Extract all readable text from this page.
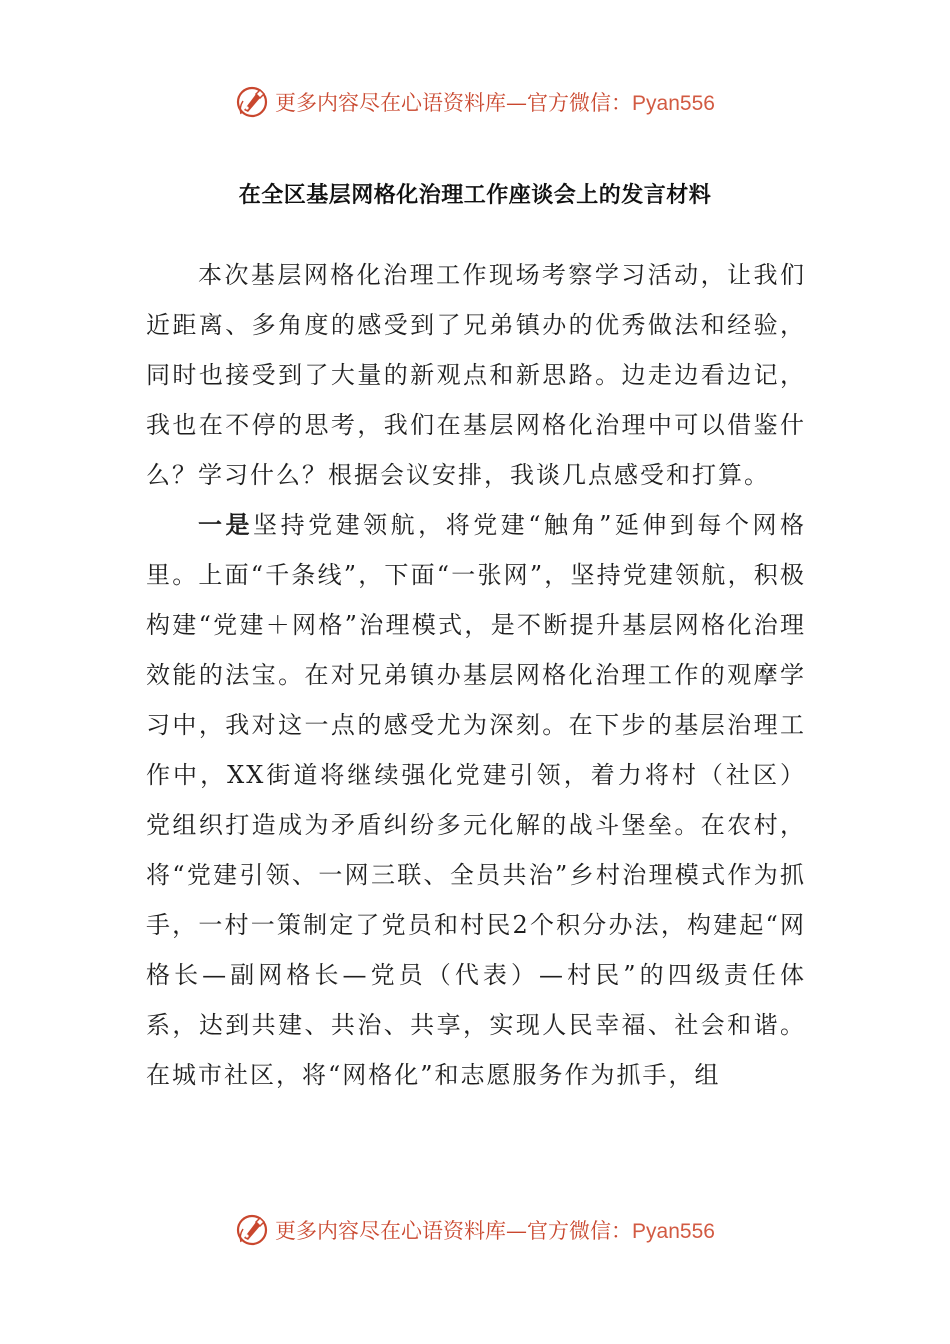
更多内容尽在心语资料库—官方微信：Pyan556
在全区基层网格化治理工作座谈会上的发言材料

本次基层网格化治理工作现场考察学习活动，让我们近距离、多角度的感受到了兄弟镇办的优秀做法和经验，同时也接受到了大量的新观点和新思路。边走边看边记，我也在不停的思考，我们在基层网格化治理中可以借鉴什么？学习什么？根据会议安排，我谈几点感受和打算。

一是坚持党建领航，将党建“触角”延伸到每个网格里。上面“千条线”，下面“一张网”，坚持党建领航，积极构建“党建＋网格”治理模式，是不断提升基层网格化治理效能的法宝。在对兄弟镇办基层网格化治理工作的观摩学习中，我对这一点的感受尤为深刻。在下步的基层治理工作中，XX街道将继续强化党建引领，着力将村（社区）党组织打造成为矛盾纠纷多元化解的战斗堡垒。在农村，将“党建引领、一网三联、全员共治”乡村治理模式作为抓手，一村一策制定了党员和村民2个积分办法，构建起“网格长—副网格长—党员（代表）—村民”的四级责任体系，达到共建、共治、共享，实现人民幸福、社会和谐。在城市社区，将“网格化”和志愿服务作为抓手，组

更多内容尽在心语资料库—官方微信：Pyan556
